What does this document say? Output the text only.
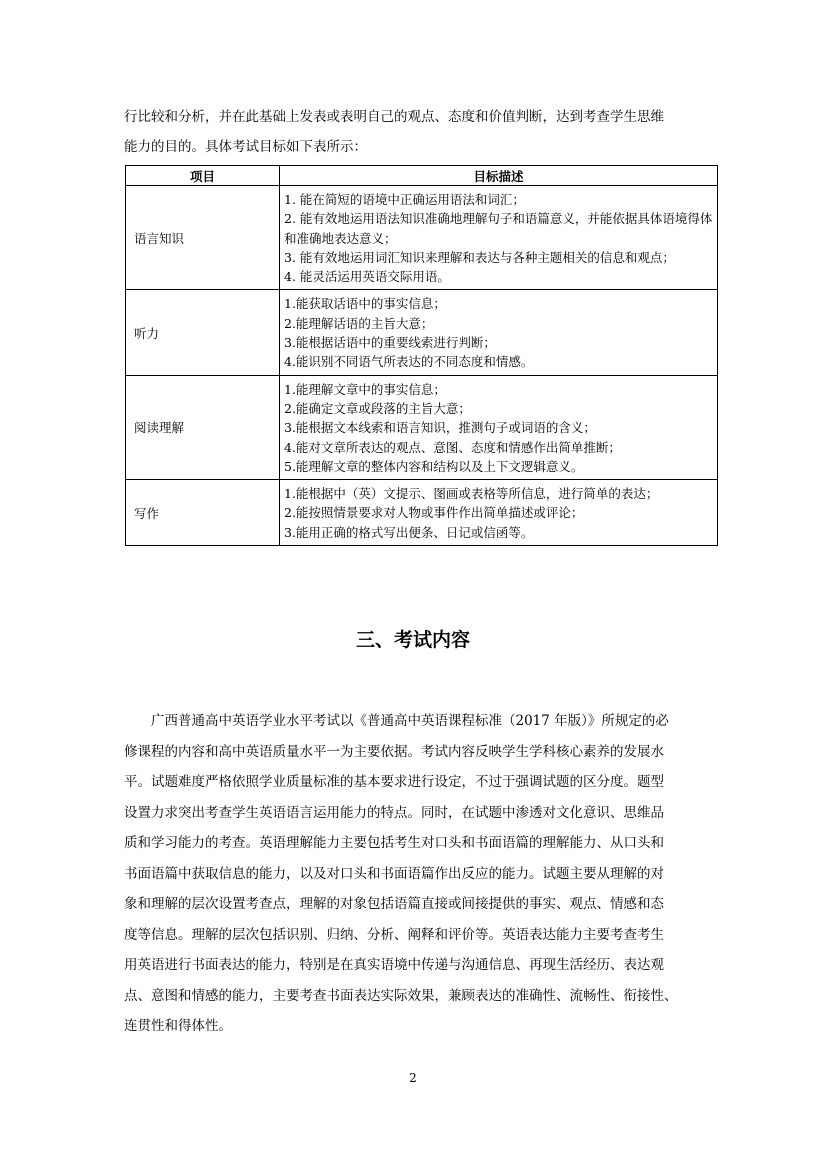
行比较和分析，并在此基础上发表或表明自己的观点、态度和价值判断，达到考查学生思维
能力的目的。具体考试目标如下表所示：
项目	目标描述
语言知识	1. 能在简短的语境中正确运用语法和词汇；
2. 能有效地运用语法知识准确地理解句子和语篇意义，并能依据具体语境得体和准确地表达意义；
3. 能有效地运用词汇知识来理解和表达与各种主题相关的信息和观点；
4. 能灵活运用英语交际用语。

听力	1.能获取话语中的事实信息；
2.能理解话语的主旨大意；
3.能根据话语中的重要线索进行判断；
4.能识别不同语气所表达的不同态度和情感。

阅读理解	1.能理解文章中的事实信息；
2.能确定文章或段落的主旨大意；
3.能根据文本线索和语言知识，推测句子或词语的含义；
4.能对文章所表达的观点、意图、态度和情感作出简单推断；
5.能理解文章的整体内容和结构以及上下文逻辑意义。

写作	1.能根据中（英）文提示、图画或表格等所信息，进行简单的表达；
2.能按照情景要求对人物或事件作出简单描述或评论；
3.能用正确的格式写出便条、日记或信函等。
三、考试内容
　　广西普通高中英语学业水平考试以《普通高中英语课程标准（2017 年版）》所规定的必
修课程的内容和高中英语质量水平一为主要依据。考试内容反映学生学科核心素养的发展水
平。试题难度严格依照学业质量标准的基本要求进行设定，不过于强调试题的区分度。题型
设置力求突出考查学生英语语言运用能力的特点。同时，在试题中渗透对文化意识、思维品
质和学习能力的考查。英语理解能力主要包括考生对口头和书面语篇的理解能力、从口头和
书面语篇中获取信息的能力，以及对口头和书面语篇作出反应的能力。试题主要从理解的对
象和理解的层次设置考查点，理解的对象包括语篇直接或间接提供的事实、观点、情感和态
度等信息。理解的层次包括识别、归纳、分析、阐释和评价等。英语表达能力主要考查考生
用英语进行书面表达的能力，特别是在真实语境中传递与沟通信息、再现生活经历、表达观
点、意图和情感的能力，主要考查书面表达实际效果，兼顾表达的准确性、流畅性、衔接性、
连贯性和得体性。
2
